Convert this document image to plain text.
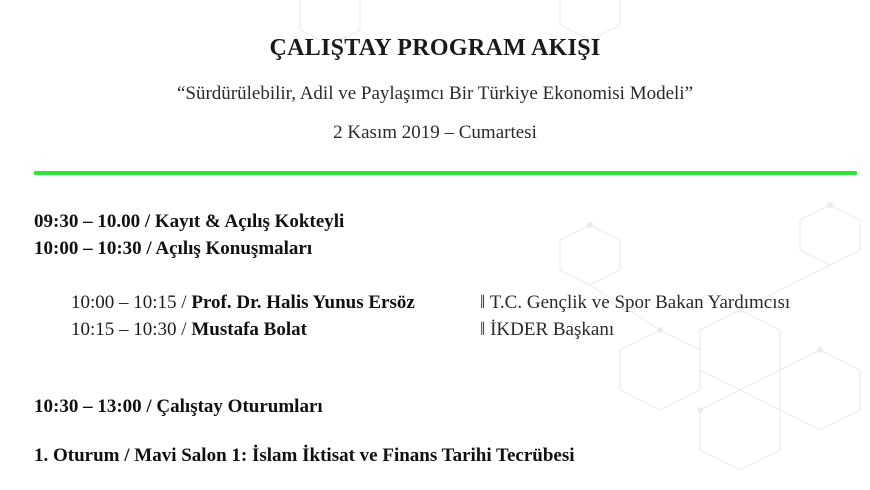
ÇALIŞTAY PROGRAM AKIŞI
“Sürdürülebilir, Adil ve Paylaşımcı Bir Türkiye Ekonomisi Modeli”
2 Kasım 2019 – Cumartesi
09:30 – 10.00 / Kayıt & Açılış Kokteyli
10:00 – 10:30 / Açılış Konuşmaları
10:00 – 10:15 / Prof. Dr. Halis Yunus Ersöz	‖ T.C. Gençlik ve Spor Bakan Yardımcısı
10:15 – 10:30 / Mustafa Bolat	‖ İKDER Başkanı
10:30 – 13:00 / Çalıştay Oturumları
1. Oturum / Mavi Salon 1: İslam İktisat ve Finans Tarihi Tecrübesi
